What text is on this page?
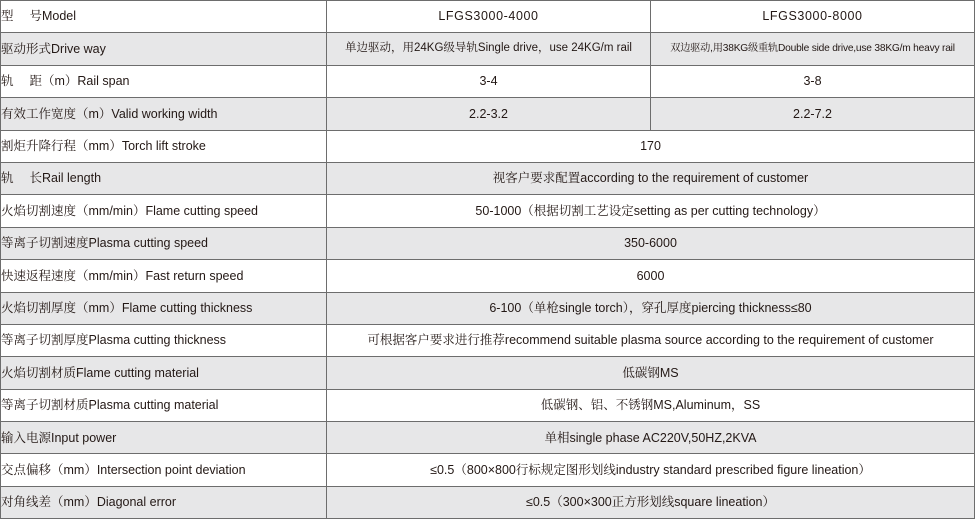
型　 号Model	LFGS3000-4000	LFGS3000-8000
驱动形式Drive way	单边驱动，用24KG级导轨Single drive，use 24KG/m rail	双边驱动,用38KG级重轨Double side drive,use 38KG/m heavy rail
轨　 距（m）Rail span	3-4	3-8
有效工作宽度（m）Valid working width	2.2-3.2	2.2-7.2
割炬升降行程（mm）Torch lift stroke	170	
轨　 长Rail length	视客户要求配置according to the requirement of customer	
火焰切割速度（mm/min）Flame cutting speed	50-1000（根据切割工艺设定setting as per cutting technology）	
等离子切割速度Plasma cutting speed	350-6000	
快速返程速度（mm/min）Fast return speed	6000	
火焰切割厚度（mm）Flame cutting thickness	6-100（单枪single torch），穿孔厚度piercing thickness≤80	
等离子切割厚度Plasma cutting thickness	可根据客户要求进行推荐recommend suitable plasma source according to the requirement of customer	
火焰切割材质Flame cutting material	低碳钢MS	
等离子切割材质Plasma cutting material	低碳钢、铝、不锈钢MS,Aluminum，SS	
输入电源Input power	单相single phase AC220V,50HZ,2KVA	
交点偏移（mm）Intersection point deviation	≤0.5（800×800行标规定图形划线industry standard prescribed figure lineation）	
对角线差（mm）Diagonal error	≤0.5（300×300正方形划线square lineation）	
